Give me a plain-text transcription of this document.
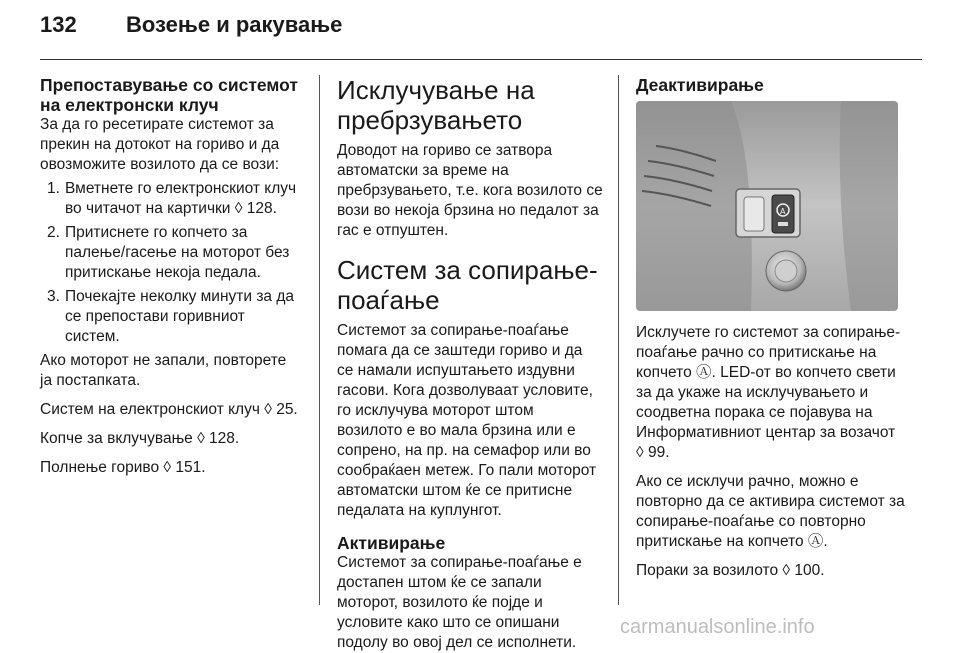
132 Возење и ракување
Препоставување со системот на електронски клуч

За да го ресетирате системот за прекин на дотокот на гориво и да овозможите возилото да се вози:

1. Вметнете го електронскиот клуч во читачот на картички ◊ 128.
2. Притиснете го копчето за палење/гасење на моторот без притискање некоја педала.
3. Почекајте неколку минути за да се препостави горивниот систем.

Ако моторот не запали, повторете ја постапката.

Систем на електронскиот клуч ◊ 25.

Копче за вклучување ◊ 128.

Полнење гориво ◊ 151.

Исклучување на пребрзувањето

Доводот на гориво се затвора автоматски за време на пребрзувањето, т.е. кога возилото се вози во некоја брзина но педалот за гас е отпуштен.

Систем за сопирање-поаѓање

Системот за сопирање-поаѓање помага да се заштеди гориво и да се намали испуштањето издувни гасови. Кога дозволуваат условите, го исклучува моторот штом возилото е во мала брзина или е сопрено, на пр. на семафор или во сообраќаен метеж. Го пали моторот автоматски штом ќе се притисне педалата на куплунгот.

Активирање

Системот за сопирање-поаѓање е достапен штом ќе се запали моторот, возилото ќе појде и условите како што се опишани подолу во овој дел се исполнети.

Деактивирање
A

Исклучете го системот за сопирање-поаѓање рачно со притискање на копчето Ⓐ. LED-от во копчето свети за да укаже на исклучувањето и соодветна порака се појавува на Информативниот центар за возачот ◊ 99.

Ако се исклучи рачно, можно е повторно да се активира системот за сопирање-поаѓање со повторно притискање на копчето Ⓐ.

Пораки за возилото ◊ 100.

carmanualsonline.info
